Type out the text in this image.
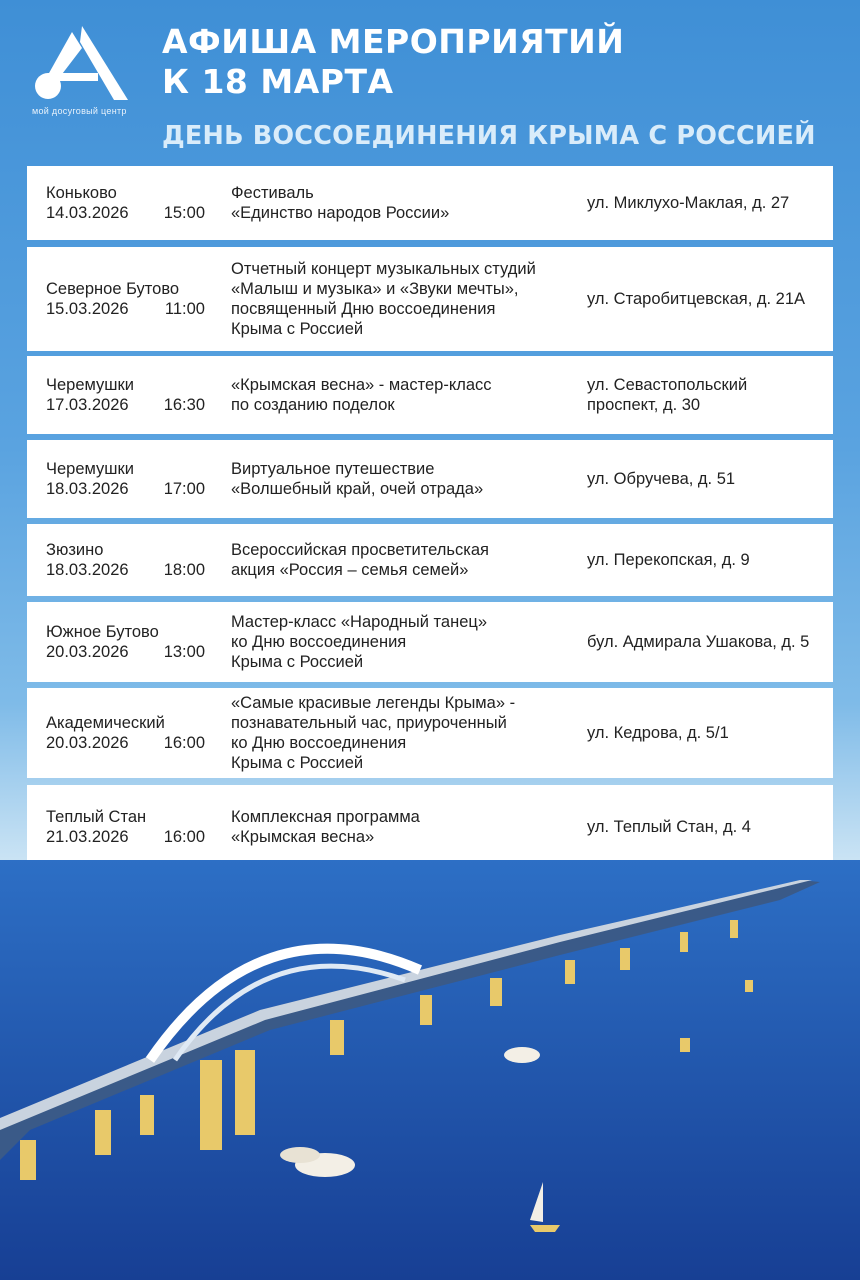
мой досуговый центр
АФИША МЕРОПРИЯТИЙ
К 18 МАРТА
ДЕНЬ ВОССОЕДИНЕНИЯ КРЫМА С РОССИЕЙ
Коньково
14.03.2026 15:00
Фестиваль
«Единство народов России»
ул. Миклухо-Маклая, д. 27
Северное Бутово
15.03.2026 11:00
Отчетный концерт музыкальных студий
«Малыш и музыка» и «Звуки мечты»,
посвященный Дню воссоединения
Крыма с Россией
ул. Старобитцевская, д. 21А
Черемушки
17.03.2026 16:30
«Крымская весна» - мастер-класс
по созданию поделок
ул. Севастопольский
проспект, д. 30
Черемушки
18.03.2026 17:00
Виртуальное путешествие
«Волшебный край, очей отрада»
ул. Обручева, д. 51
Зюзино
18.03.2026 18:00
Всероссийская просветительская
акция «Россия – семья семей»
ул. Перекопская, д. 9
Южное Бутово
20.03.2026 13:00
Мастер-класс «Народный танец»
ко Дню воссоединения
Крыма с Россией
бул. Адмирала Ушакова, д. 5
Академический
20.03.2026 16:00
«Самые красивые легенды Крыма» -
познавательный час, приуроченный
ко Дню воссоединения
Крыма с Россией
ул. Кедрова, д. 5/1
Теплый Стан
21.03.2026 16:00
Комплексная программа
«Крымская весна»
ул. Теплый Стан, д. 4
